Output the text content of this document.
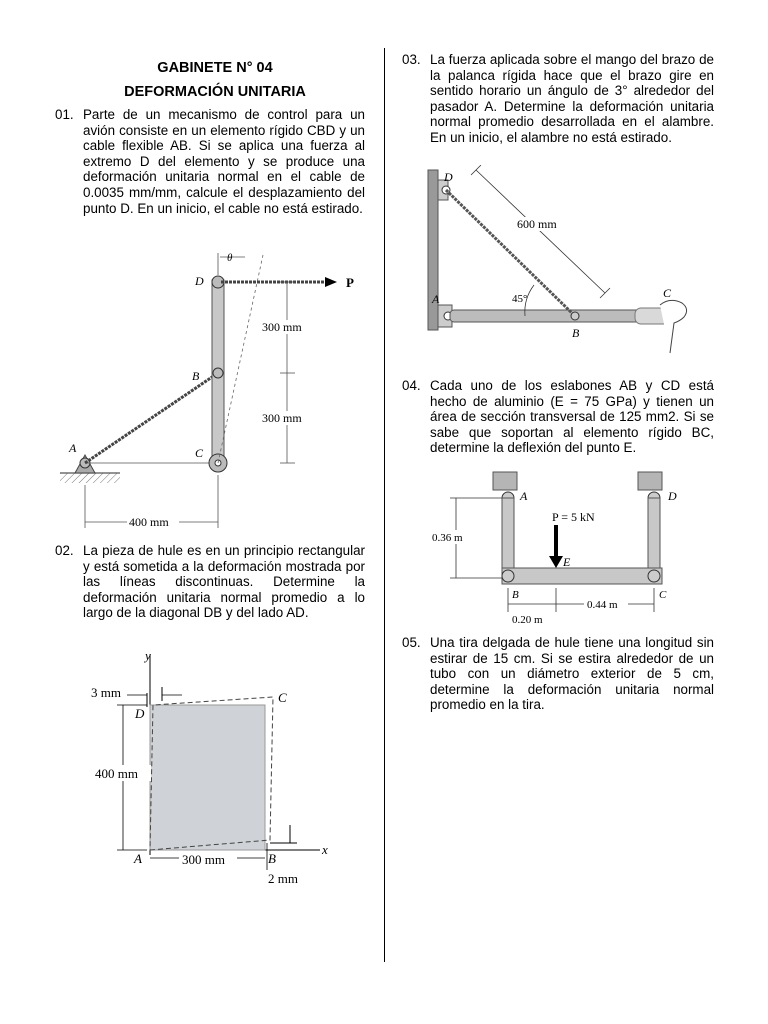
GABINETE N° 04
DEFORMACIÓN UNITARIA
01. Parte de un mecanismo de control para un avión consiste en un elemento rígido CBD y un cable flexible AB. Si se aplica una fuerza al extremo D del elemento y se produce una deformación unitaria normal en el cable de 0.0035 mm/mm, calcule el desplazamiento del punto D. En un inicio, el cable no está estirado.
P
D
B
C
A
θ
300 mm
300 mm
400 mm
02. La pieza de hule es en un principio rectangular y está sometida a la deformación mostrada por las líneas discontinuas. Determine la deformación unitaria normal promedio a lo largo de la diagonal DB y del lado AD.
y
x
D
C
A	B
3 mm
400 mm
300 mm
2 mm
03. La fuerza aplicada sobre el mango del brazo de la palanca rígida hace que el brazo gire en sentido horario un ángulo de 3° alrededor del pasador A. Determine la deformación unitaria normal promedio desarrollada en el alambre. En un inicio, el alambre no está estirado.
D
A	C
B
45°
600 mm
04. Cada uno de los eslabones AB y CD está hecho de aluminio (E = 75 GPa) y tienen un área de sección transversal de 125 mm2. Si se sabe que soportan al elemento rígido BC, determine la deflexión del punto E.
A	D
P = 5 kN
E
0.36 m
B	C
0.44 m
0.20 m
05. Una tira delgada de hule tiene una longitud sin estirar de 15 cm. Si se estira alrededor de un tubo con un diámetro exterior de 5 cm, determine la deformación unitaria normal promedio en la tira.
